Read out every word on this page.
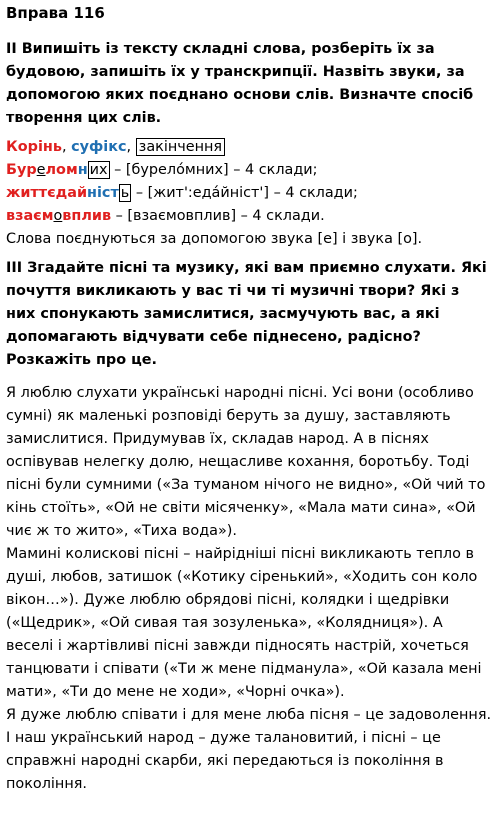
Вправа 116

II Випишіть із тексту складні слова, розберіть їх за будовою, запишіть їх у транскрипції. Назвіть звуки, за допомогою яких поєднано основи слів. Визначте спосіб творення цих слів.

Корінь, суфікс, закінчення

Буреломн их – [бурeло́мних] – 4 склади;

життєдайніст ь – [жит':eдáйніст'] – 4 склади;

взаємовплив – [взаємoвплив] – 4 склади.

Слова поєднуються за допомогою звука [e] і звука [o].

III Згадайте пісні та музику, які вам приємно слухати. Які почуття викликають у вас ті чи ті музичні твори? Які з них спонукають замислитися, засмучують вас, а які допомагають відчувати себе піднесено, радісно? Розкажіть про це.

Я люблю слухати українські народні пісні. Усі вони (особливо сумні) як маленькі розповіді беруть за душу, заставляють замислитися. Придумував їх, складав народ. А в піснях оспівував нелегку долю, нещасливе кохання, боротьбу. Тоді пісні були сумними («За туманом нічого не видно», «Ой чий то кінь стоїть», «Ой не світи місяченку», «Мала мати сина», «Ой чиє ж то жито», «Тиха вода»).

Мамині колискові пісні – найрідніші пісні викликають тепло в душі, любов, затишок («Котику сіренький», «Ходить сон коло вікон…»). Дуже люблю обрядові пісні, колядки і щедрівки («Щедрик», «Ой сивая тая зозуленька», «Колядниця»). А веселі і жартівливі пісні завжди підносять настрій, хочеться танцювати і співати («Ти ж мене підманула», «Ой казала мені мати», «Ти до мене не ходи», «Чорні очка»).

Я дуже люблю співати і для мене люба пісня – це задоволення. І наш український народ – дуже талановитий, і пісні – це справжні народні скарби, які передаються із покоління в покоління.
